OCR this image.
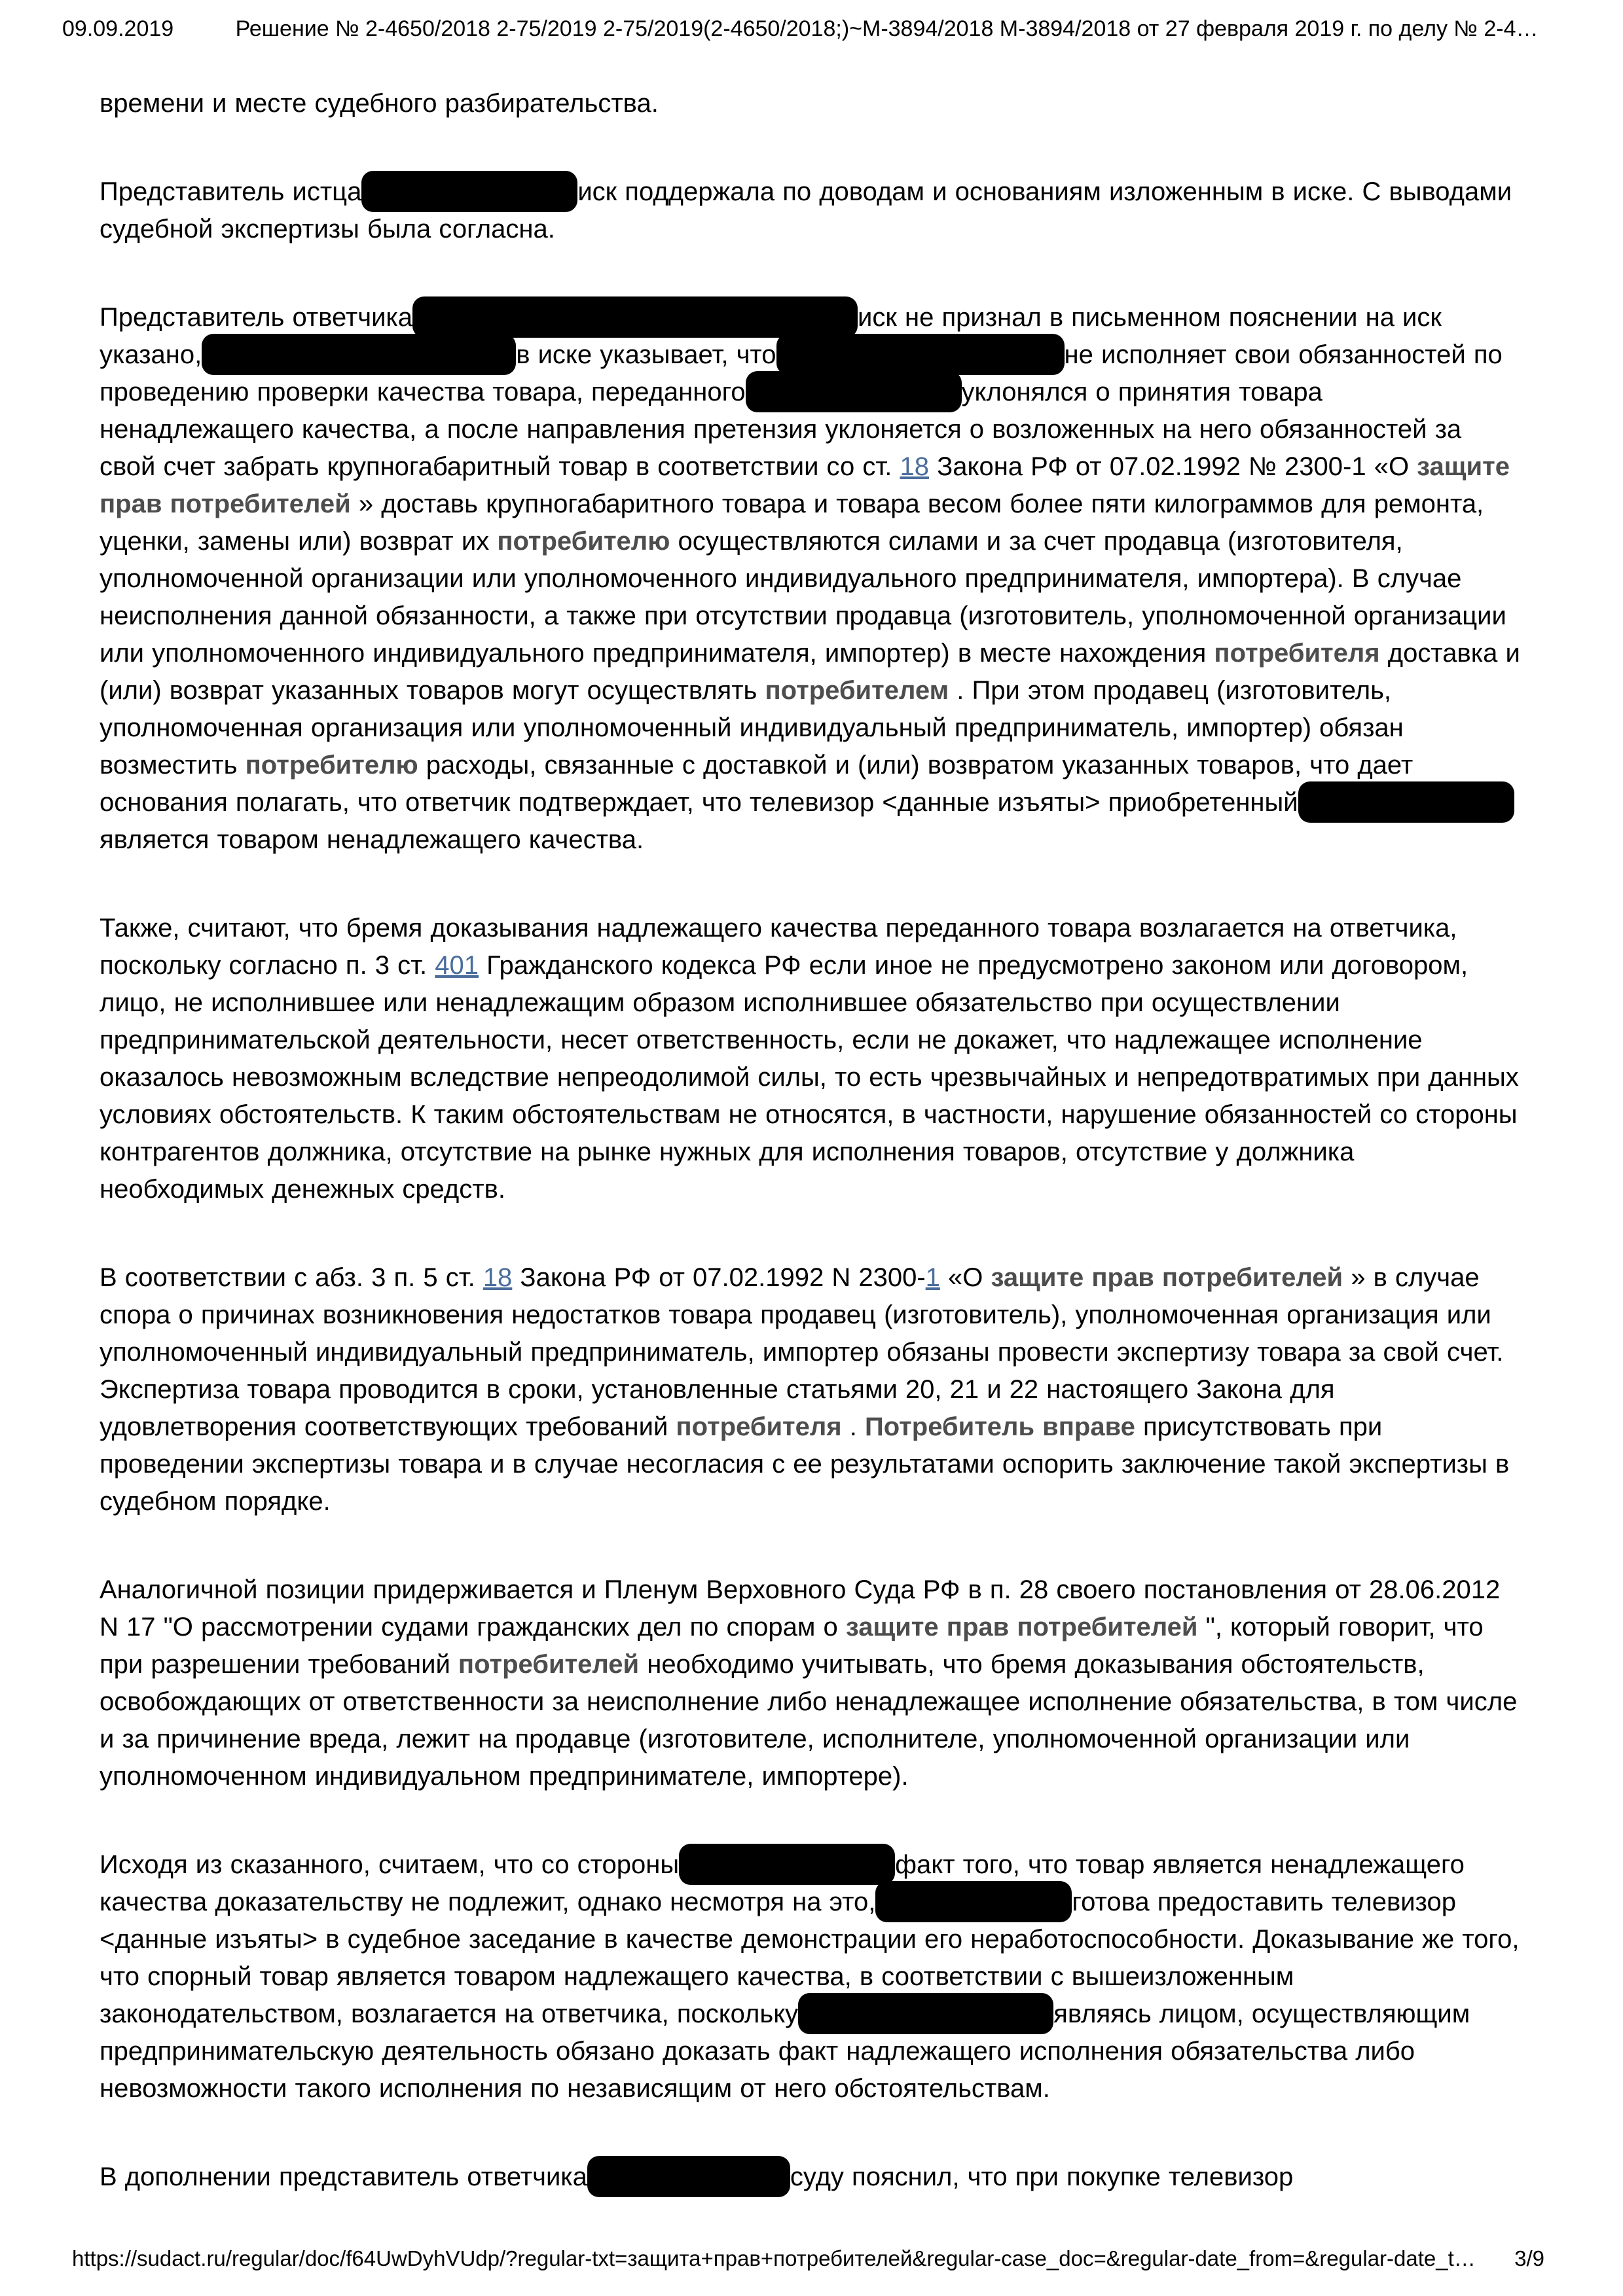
09.09.2019	Решение № 2-4650/2018 2-75/2019 2-75/2019(2-4650/2018;)~М-3894/2018 М-3894/2018 от 27 февраля 2019 г. по делу № 2-4…

времени и месте судебного разбирательства.

Представитель истца	иск поддержала по доводам и основаниям изложенным в иске. С выводами судебной экспертизы была согласна.

Представитель ответчика	иск не признал в письменном пояснении на иск указано,	в иске указывает, что	не исполняет свои обязанностей по проведению проверки качества товара, переданного	уклонялся о принятия товара ненадлежащего качества, а после направления претензия уклоняется о возложенных на него обязанностей за свой счет забрать крупногабаритный товар в соответствии со ст. 18 Закона РФ от 07.02.1992 № 2300-1 «О защите прав потребителей » доставь крупногабаритного товара и товара весом более пяти килограммов для ремонта, уценки, замены или) возврат их потребителю осуществляются силами и за счет продавца (изготовителя, уполномоченной организации или уполномоченного индивидуального предпринимателя, импортера). В случае неисполнения данной обязанности, а также при отсутствии продавца (изготовитель, уполномоченной организации или уполномоченного индивидуального предпринимателя, импортер) в месте нахождения потребителя доставка и (или) возврат указанных товаров могут осуществлять потребителем . При этом продавец (изготовитель, уполномоченная организация или уполномоченный индивидуальный предприниматель, импортер) обязан возместить потребителю расходы, связанные с доставкой и (или) возвратом указанных товаров, что дает основания полагать, что ответчик подтверждает, что телевизор <данные изъяты> приобретенныйявляется товаром ненадлежащего качества.

Также, считают, что бремя доказывания надлежащего качества переданного товара возлагается на ответчика, поскольку согласно п. 3 ст. 401 Гражданского кодекса РФ если иное не предусмотрено законом или договором, лицо, не исполнившее или ненадлежащим образом исполнившее обязательство при осуществлении предпринимательской деятельности, несет ответственность, если не докажет, что надлежащее исполнение оказалось невозможным вследствие непреодолимой силы, то есть чрезвычайных и непредотвратимых при данных условиях обстоятельств. К таким обстоятельствам не относятся, в частности, нарушение обязанностей со стороны контрагентов должника, отсутствие на рынке нужных для исполнения товаров, отсутствие у должника необходимых денежных средств.

В соответствии с абз. 3 п. 5 ст. 18 Закона РФ от 07.02.1992 N 2300-1 «О защите прав потребителей » в случае спора о причинах возникновения недостатков товара продавец (изготовитель), уполномоченная организация или уполномоченный индивидуальный предприниматель, импортер обязаны провести экспертизу товара за свой счет. Экспертиза товара проводится в сроки, установленные статьями 20, 21 и 22 настоящего Закона для удовлетворения соответствующих требований потребителя . Потребитель вправе присутствовать при проведении экспертизы товара и в случае несогласия с ее результатами оспорить заключение такой экспертизы в судебном порядке.

Аналогичной позиции придерживается и Пленум Верховного Суда РФ в п. 28 своего постановления от 28.06.2012 N 17 "О рассмотрении судами гражданских дел по спорам о защите прав потребителей ", который говорит, что при разрешении требований потребителей необходимо учитывать, что бремя доказывания обстоятельств, освобождающих от ответственности за неисполнение либо ненадлежащее исполнение обязательства, в том числе и за причинение вреда, лежит на продавце (изготовителе, исполнителе, уполномоченной организации или уполномоченном индивидуальном предпринимателе, импортере).

Исходя из сказанного, считаем, что со стороны	факт того, что товар является ненадлежащего качества доказательству не подлежит, однако несмотря на это,	готова предоставить телевизор <данные изъяты> в судебное заседание в качестве демонстрации его неработоспособности. Доказывание же того, что спорный товар является товаром надлежащего качества, в соответствии с вышеизложенным законодательством, возлагается на ответчика, поскольку	являясь лицом, осуществляющим предпринимательскую деятельность обязано доказать факт надлежащего исполнения обязательства либо невозможности такого исполнения по независящим от него обстоятельствам.

В дополнении представитель ответчика	суду пояснил, что при покупке телевизор

https://sudact.ru/regular/doc/f64UwDyhVUdp/?regular-txt=защита+прав+потребителей&regular-case_doc=&regular-date_from=&regular-date_t…	3/9
